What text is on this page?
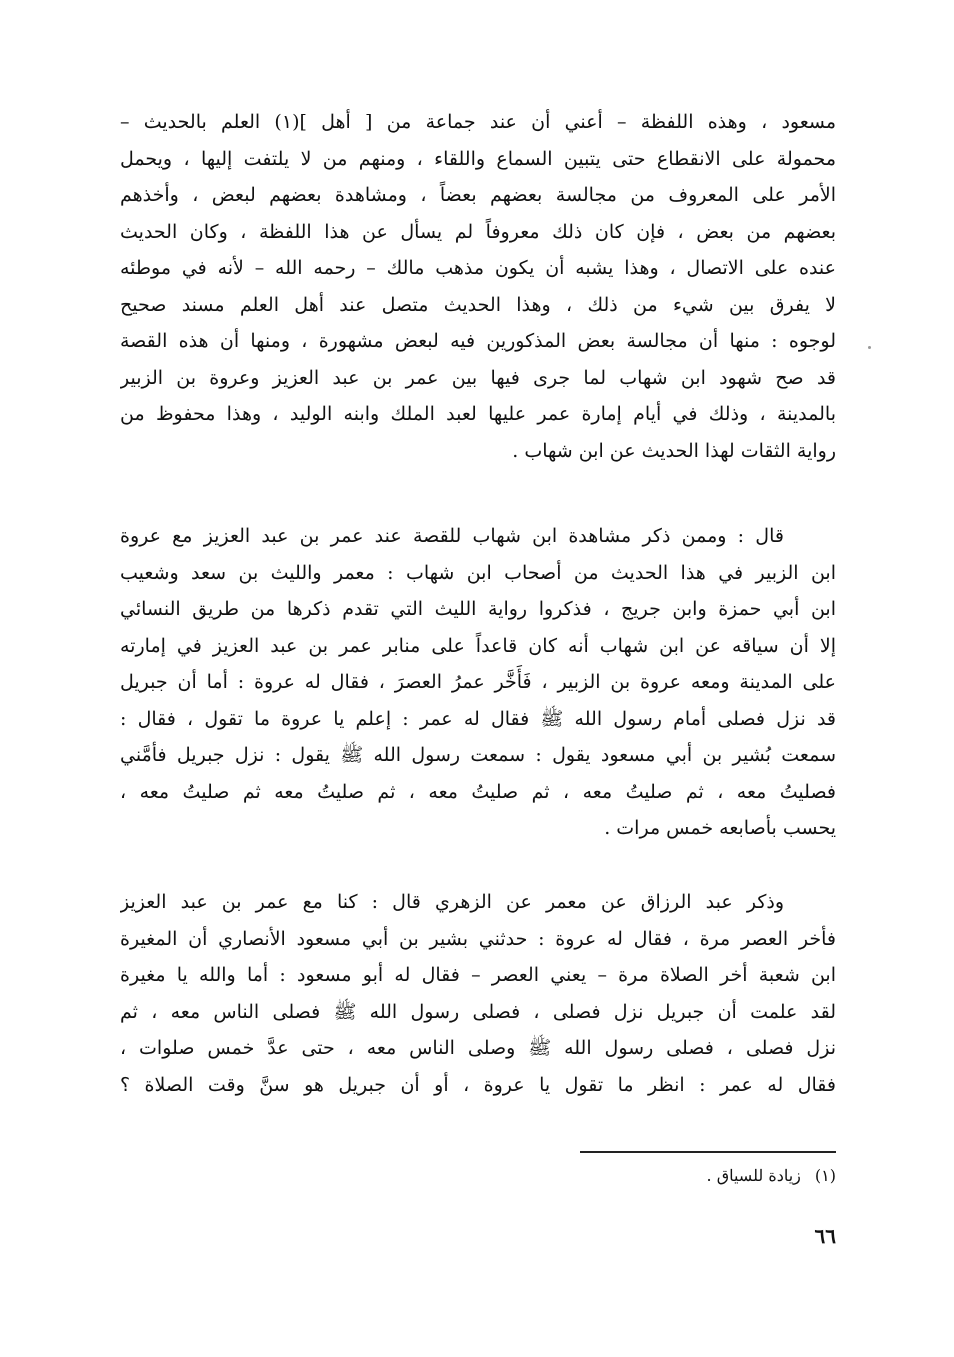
مسعود ، وهذه اللفظة – أعني أن عند جماعة من [ أهل ](١) العلم بالحديث –
محمولة على الانقطاع حتى يتبين السماع واللقاء ، ومنهم من لا يلتفت إليها ، ويحمل
الأمر على المعروف من مجالسة بعضهم بعضاً ، ومشاهدة بعضهم لبعض ، وأخذهم
بعضهم من بعض ، فإن كان ذلك معروفاً لم يسأل عن هذا اللفظة ، وكان الحديث
عنده على الاتصال ، وهذا يشبه أن يكون مذهب مالك – رحمه الله – لأنه في موطئه
لا يفرق بين شيء من ذلك ، وهذا الحديث متصل عند أهل العلم مسند صحيح
لوجوه : منها أن مجالسة بعض المذكورين فيه لبعض مشهورة ، ومنها أن هذه القصة
قد صح شهود ابن شهاب لما جرى فيها بين عمر بن عبد العزيز وعروة بن الزبير
بالمدينة ، وذلك في أيام إمارة عمر عليها لعبد الملك وابنه الوليد ، وهذا محفوظ من
رواية الثقات لهذا الحديث عن ابن شهاب .
قال : وممن ذكر مشاهدة ابن شهاب للقصة عند عمر بن عبد العزيز مع عروة
ابن الزبير في هذا الحديث من أصحاب ابن شهاب : معمر والليث بن سعد وشعيب
ابن أبي حمزة وابن جريج ، فذكروا رواية الليث التي تقدم ذكرها من طريق النسائي
إلا أن سياقه عن ابن شهاب أنه كان قاعداً على منابر عمر بن عبد العزيز في إمارته
على المدينة ومعه عروة بن الزبير ، فَأَخَّر عمرُ العصرَ ، فقال له عروة : أما أن جبريل
قد نزل فصلى أمام رسول الله ﷺ فقال له عمر : إعلم يا عروة ما تقول ، فقال :
سمعت بُشير بن أبي مسعود يقول : سمعت رسول الله ﷺ يقول : نزل جبريل فأمَّني
فصليتُ معه ، ثم صليتُ معه ، ثم صليتُ معه ، ثم صليتُ معه ثم صليتُ معه ،
يحسب بأصابعه خمس مرات .
وذكر عبد الرزاق عن معمر عن الزهري قال : كنا مع عمر بن عبد العزيز
فأخر العصر مرة ، فقال له عروة : حدثني بشير بن أبي مسعود الأنصاري أن المغيرة
ابن شعبة أخر الصلاة مرة – يعني العصر – فقال له أبو مسعود : أما والله يا مغيرة
لقد علمت أن جبريل نزل فصلى ، فصلى رسول الله ﷺ فصلى الناس معه ، ثم
نزل فصلى ، فصلى رسول الله ﷺ وصلى الناس معه ، حتى عدَّ خمس صلوات ،
فقال له عمر : انظر ما تقول يا عروة ، أو أن جبريل هو سنَّ وقت الصلاة ؟
(١)زيادة للسياق .
٦٦
